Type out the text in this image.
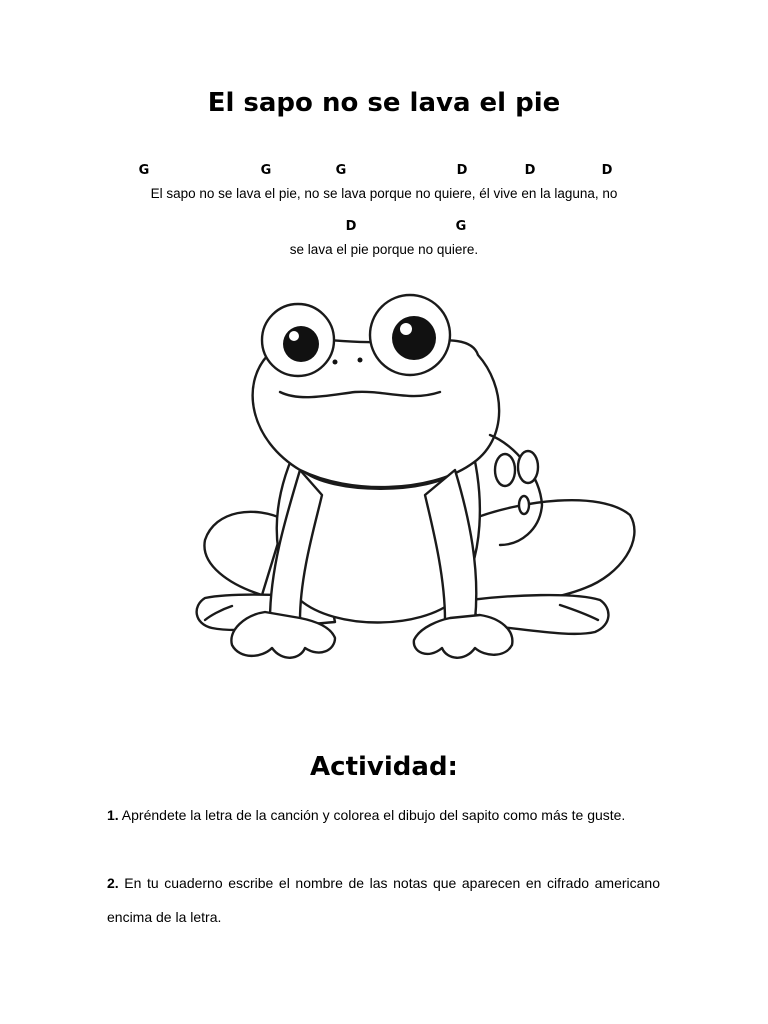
El sapo no se lava el pie
G	G	G	D	D	D
El sapo no se lava el pie, no se lava porque no quiere, él vive en la laguna, no
D	G
se lava el pie porque no quiere.
Actividad:

1. Apréndete la letra de la canción y colorea el dibujo del sapito como más te guste.

2. En tu cuaderno escribe el nombre de las notas que aparecen en cifrado americano encima de la letra.
